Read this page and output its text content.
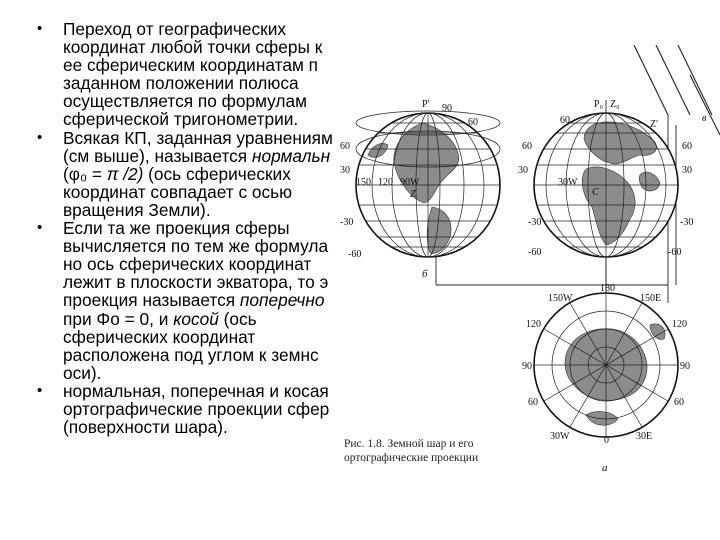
• Переход от географических
координат любой точки сферы к
ее сферическим координатам п
заданном положении полюса
осуществляется по формулам
сферической тригонометрии.
• Всякая КП, заданная уравнениям
(см выше), называется нормальн
(φ₀ = π /2) (ось сферических
координат совпадает с осью
вращения Земли).
• Если та же проекция сферы
вычисляется по тем же формула
но ось сферических координат
лежит в плоскости экватора, то э
проекция называется поперечно
при Φо = 0, и косой (ось
сферических координат
расположена под углом к земнс
оси).
• нормальная, поперечная и косая
ортографические проекции сфер
(поверхности шара).
P'
60
90
60
30
-30
-60
150 120 90W
Z
P₀ Z₀
Z'
60
60
30
30W
C
-30
-60
60
30
-30
-60
в
б
180
150W	150E
120	120
90	90
60	60
30W	0	30E
Рис. 1.8. Земной шар и его
ортографические проекции
а
